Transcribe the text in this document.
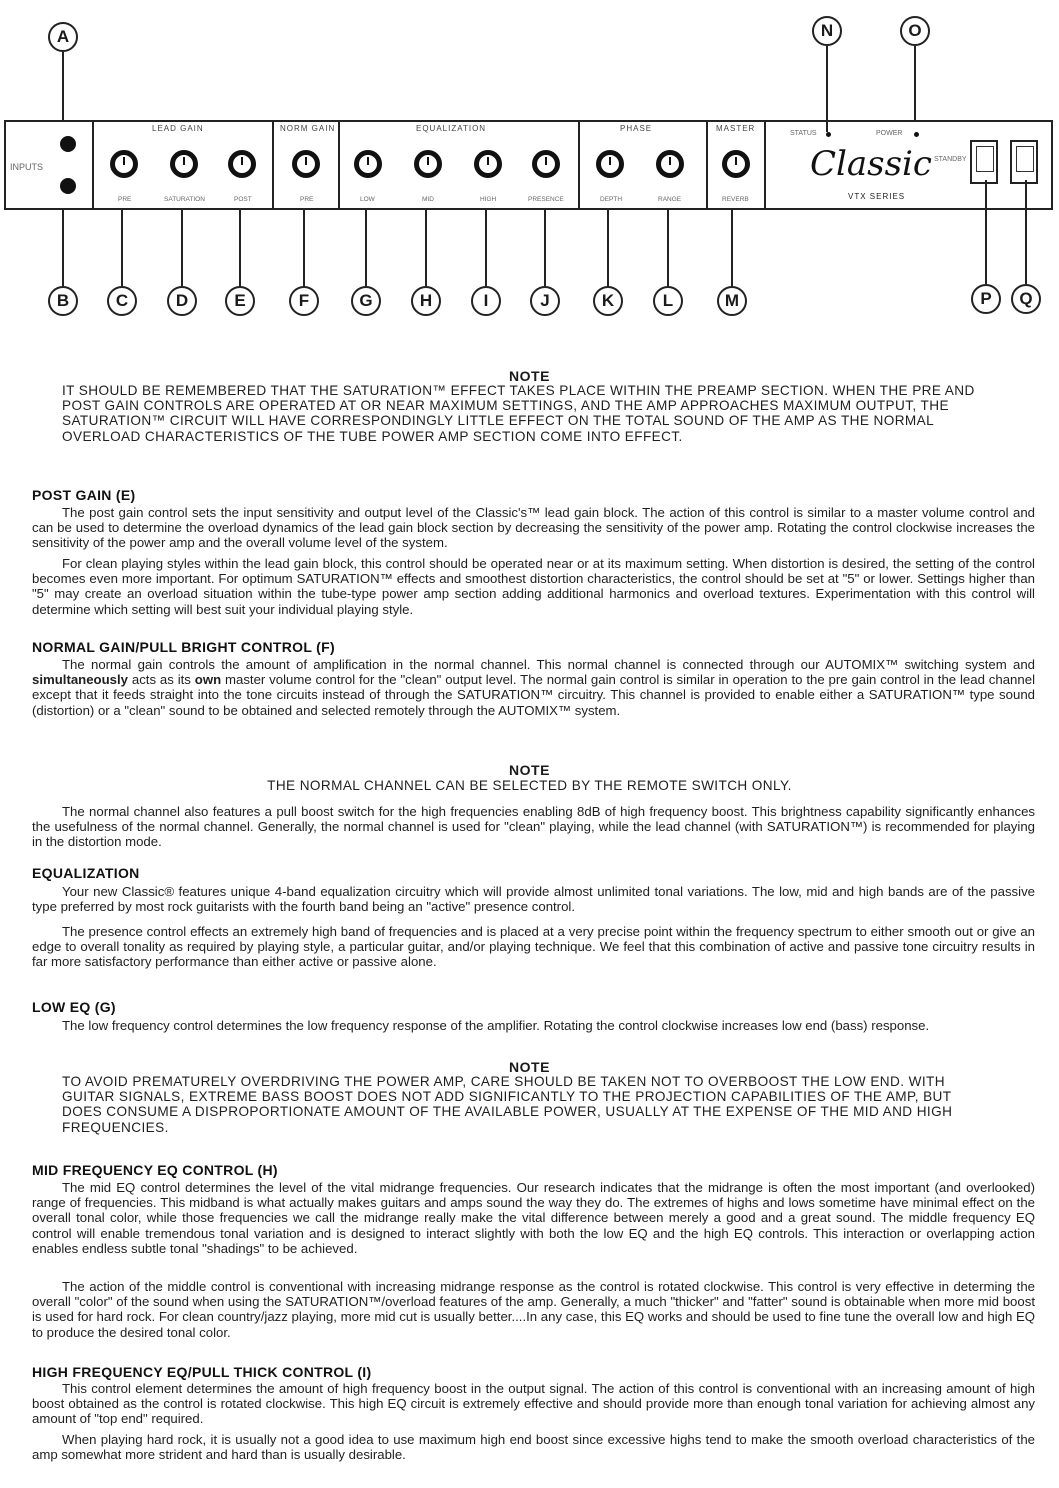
A	N	O
INPUTS
LEAD GAIN
PRE	SATURATION	POST
NORM GAIN
PRE
EQUALIZATION
LOW	MID	HIGH	PRESENCE
PHASE
DEPTH	RANGE
MASTER
REVERB
STATUS	POWER
Classic
VTX SERIES
STANDBY
B	C	D	E	F	G	H	I	J	K	L	M	P	Q
NOTE
IT SHOULD BE REMEMBERED THAT THE SATURATION™ EFFECT TAKES PLACE WITHIN THE PREAMP SECTION. WHEN THE PRE AND POST GAIN CONTROLS ARE OPERATED AT OR NEAR MAXIMUM SETTINGS, AND THE AMP APPROACHES MAXIMUM OUTPUT, THE SATURATION™ CIRCUIT WILL HAVE CORRESPONDINGLY LITTLE EFFECT ON THE TOTAL SOUND OF THE AMP AS THE NORMAL OVERLOAD CHARACTERISTICS OF THE TUBE POWER AMP SECTION COME INTO EFFECT.
POST GAIN (E)
The post gain control sets the input sensitivity and output level of the Classic's™ lead gain block. The action of this control is similar to a master volume control and can be used to determine the overload dynamics of the lead gain block section by decreasing the sensitivity of the power amp. Rotating the control clockwise increases the sensitivity of the power amp and the overall volume level of the system.
For clean playing styles within the lead gain block, this control should be operated near or at its maximum setting. When distortion is desired, the setting of the control becomes even more important. For optimum SATURATION™ effects and smoothest distortion characteristics, the control should be set at "5" or lower. Settings higher than "5" may create an overload situation within the tube-type power amp section adding additional harmonics and overload textures. Experimentation with this control will determine which setting will best suit your individual playing style.
NORMAL GAIN/PULL BRIGHT CONTROL (F)
The normal gain controls the amount of amplification in the normal channel. This normal channel is connected through our AUTOMIX™ switching system and simultaneously acts as its own master volume control for the "clean" output level. The normal gain control is similar in operation to the pre gain control in the lead channel except that it feeds straight into the tone circuits instead of through the SATURATION™ circuitry. This channel is provided to enable either a SATURATION™ type sound (distortion) or a "clean" sound to be obtained and selected remotely through the AUTOMIX™ system.
NOTE
THE NORMAL CHANNEL CAN BE SELECTED BY THE REMOTE SWITCH ONLY.
The normal channel also features a pull boost switch for the high frequencies enabling 8dB of high frequency boost. This brightness capability significantly enhances the usefulness of the normal channel. Generally, the normal channel is used for "clean" playing, while the lead channel (with SATURATION™) is recommended for playing in the distortion mode.
EQUALIZATION
Your new Classic® features unique 4-band equalization circuitry which will provide almost unlimited tonal variations. The low, mid and high bands are of the passive type preferred by most rock guitarists with the fourth band being an "active" presence control.
The presence control effects an extremely high band of frequencies and is placed at a very precise point within the frequency spectrum to either smooth out or give an edge to overall tonality as required by playing style, a particular guitar, and/or playing technique. We feel that this combination of active and passive tone circuitry results in far more satisfactory performance than either active or passive alone.
LOW EQ (G)
The low frequency control determines the low frequency response of the amplifier. Rotating the control clockwise increases low end (bass) response.
NOTE
TO AVOID PREMATURELY OVERDRIVING THE POWER AMP, CARE SHOULD BE TAKEN NOT TO OVERBOOST THE LOW END. WITH GUITAR SIGNALS, EXTREME BASS BOOST DOES NOT ADD SIGNIFICANTLY TO THE PROJECTION CAPABILITIES OF THE AMP, BUT DOES CONSUME A DISPROPORTIONATE AMOUNT OF THE AVAILABLE POWER, USUALLY AT THE EXPENSE OF THE MID AND HIGH FREQUENCIES.
MID FREQUENCY EQ CONTROL (H)
The mid EQ control determines the level of the vital midrange frequencies. Our research indicates that the midrange is often the most important (and overlooked) range of frequencies. This midband is what actually makes guitars and amps sound the way they do. The extremes of highs and lows sometime have minimal effect on the overall tonal color, while those frequencies we call the midrange really make the vital difference between merely a good and a great sound. The middle frequency EQ control will enable tremendous tonal variation and is designed to interact slightly with both the low EQ and the high EQ controls. This interaction or overlapping action enables endless subtle tonal "shadings" to be achieved.
The action of the middle control is conventional with increasing midrange response as the control is rotated clockwise. This control is very effective in determing the overall "color" of the sound when using the SATURATION™/overload features of the amp. Generally, a much "thicker" and "fatter" sound is obtainable when more mid boost is used for hard rock. For clean country/jazz playing, more mid cut is usually better....In any case, this EQ works and should be used to fine tune the overall low and high EQ to produce the desired tonal color.
HIGH FREQUENCY EQ/PULL THICK CONTROL (I)
This control element determines the amount of high frequency boost in the output signal. The action of this control is conventional with an increasing amount of high boost obtained as the control is rotated clockwise. This high EQ circuit is extremely effective and should provide more than enough tonal variation for achieving almost any amount of "top end" required.
When playing hard rock, it is usually not a good idea to use maximum high end boost since excessive highs tend to make the smooth overload characteristics of the amp somewhat more strident and hard than is usually desirable.
